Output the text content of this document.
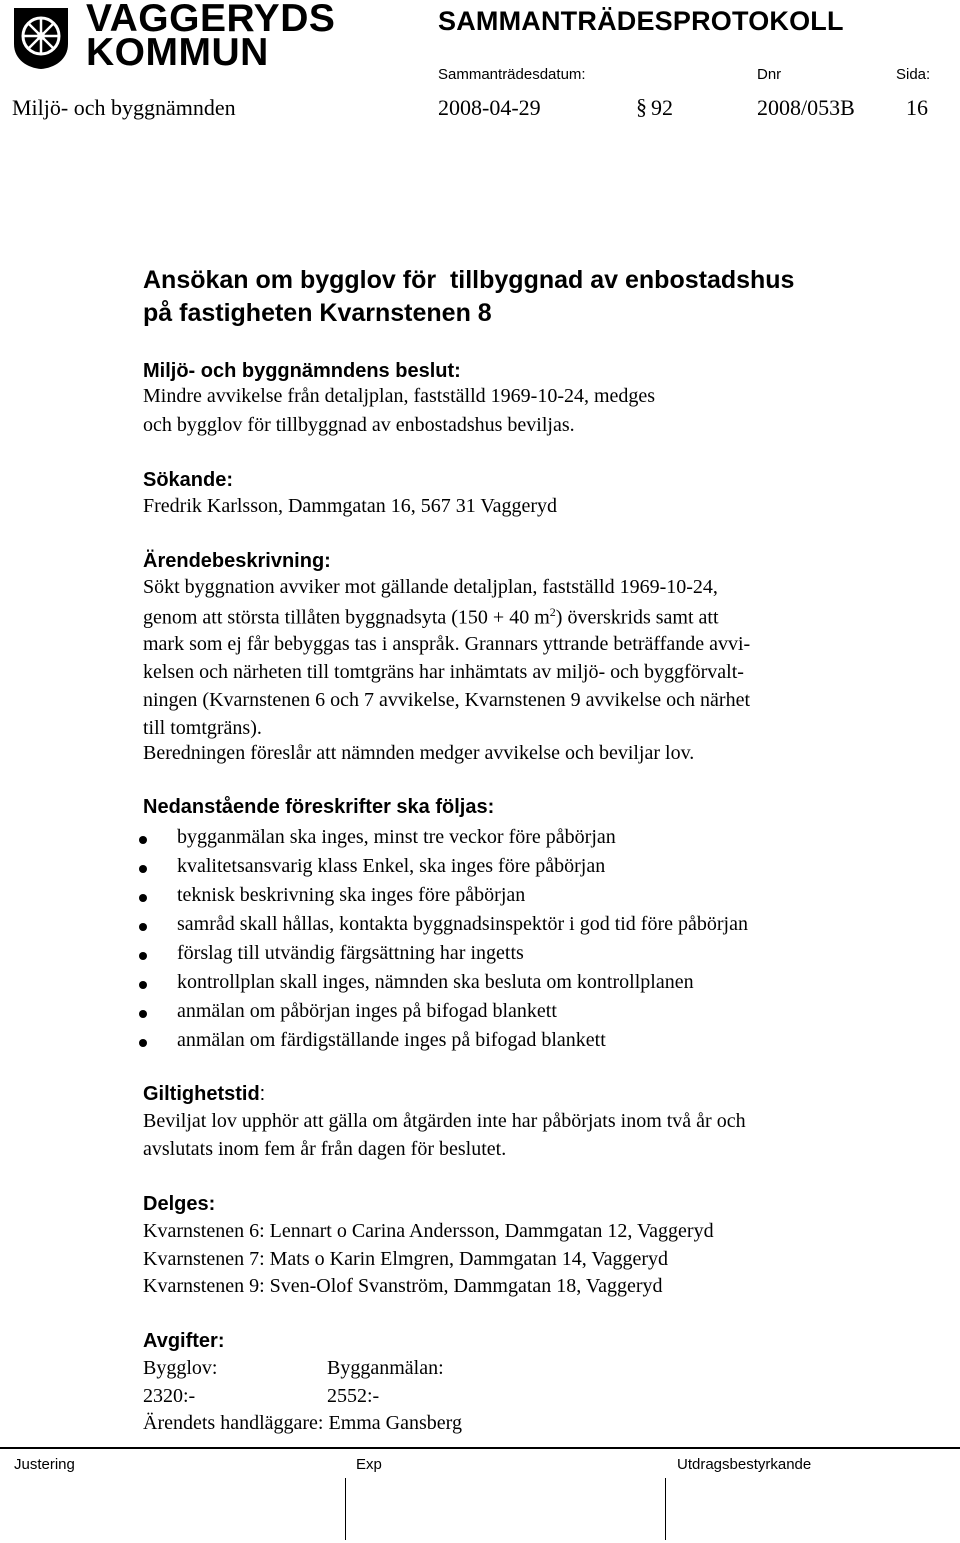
VAGGERYDS
KOMMUN
SAMMANTRÄDESPROTOKOLL
Sammanträdesdatum:	Dnr	Sida:
Miljö- och byggnämnden	2008-04-29	§ 92	2008/053B 16
Ansökan om bygglov för  tillbyggnad av enbostadshus
på fastigheten Kvarnstenen 8
Miljö- och byggnämndens beslut:
Mindre avvikelse från detaljplan, fastställd 1969-10-24, medges
och bygglov för tillbyggnad av enbostadshus beviljas.
Sökande:
Fredrik Karlsson, Dammgatan 16, 567 31 Vaggeryd
Ärendebeskrivning:
Sökt byggnation avviker mot gällande detaljplan, fastställd 1969-10-24,
genom att största tillåten byggnadsyta (150 + 40 $m^2$) överskrids samt att
mark som ej får bebyggas tas i anspråk. Grannars yttrande beträffande avvi-
kelsen och närheten till tomtgräns har inhämtats av miljö- och byggförvalt-
ningen (Kvarnstenen 6 och 7 avvikelse, Kvarnstenen 9 avvikelse och närhet
till tomtgräns).
Beredningen föreslår att nämnden medger avvikelse och beviljar lov.
Nedanstående föreskrifter ska följas:
bygganmälan ska inges, minst tre veckor före påbörjan
kvalitetsansvarig klass Enkel, ska inges före påbörjan
teknisk beskrivning ska inges före påbörjan
samråd skall hållas, kontakta byggnadsinspektör i god tid före påbörjan
förslag till utvändig färgsättning har ingetts
kontrollplan skall inges, nämnden ska besluta om kontrollplanen
anmälan om påbörjan inges på bifogad blankett
anmälan om färdigställande inges på bifogad blankett
Giltighetstid:
Beviljat lov upphör att gälla om åtgärden inte har påbörjats inom två år och
avslutats inom fem år från dagen för beslutet.
Delges:
Kvarnstenen 6: Lennart o Carina Andersson, Dammgatan 12, Vaggeryd
Kvarnstenen 7: Mats o Karin Elmgren, Dammgatan 14, Vaggeryd
Kvarnstenen 9: Sven-Olof Svanström, Dammgatan 18, Vaggeryd
Avgifter:
Bygglov:	Bygganmälan:
2320:-	2552:-
Ärendets handläggare: Emma Gansberg
Justering	Exp	Utdragsbestyrkande
